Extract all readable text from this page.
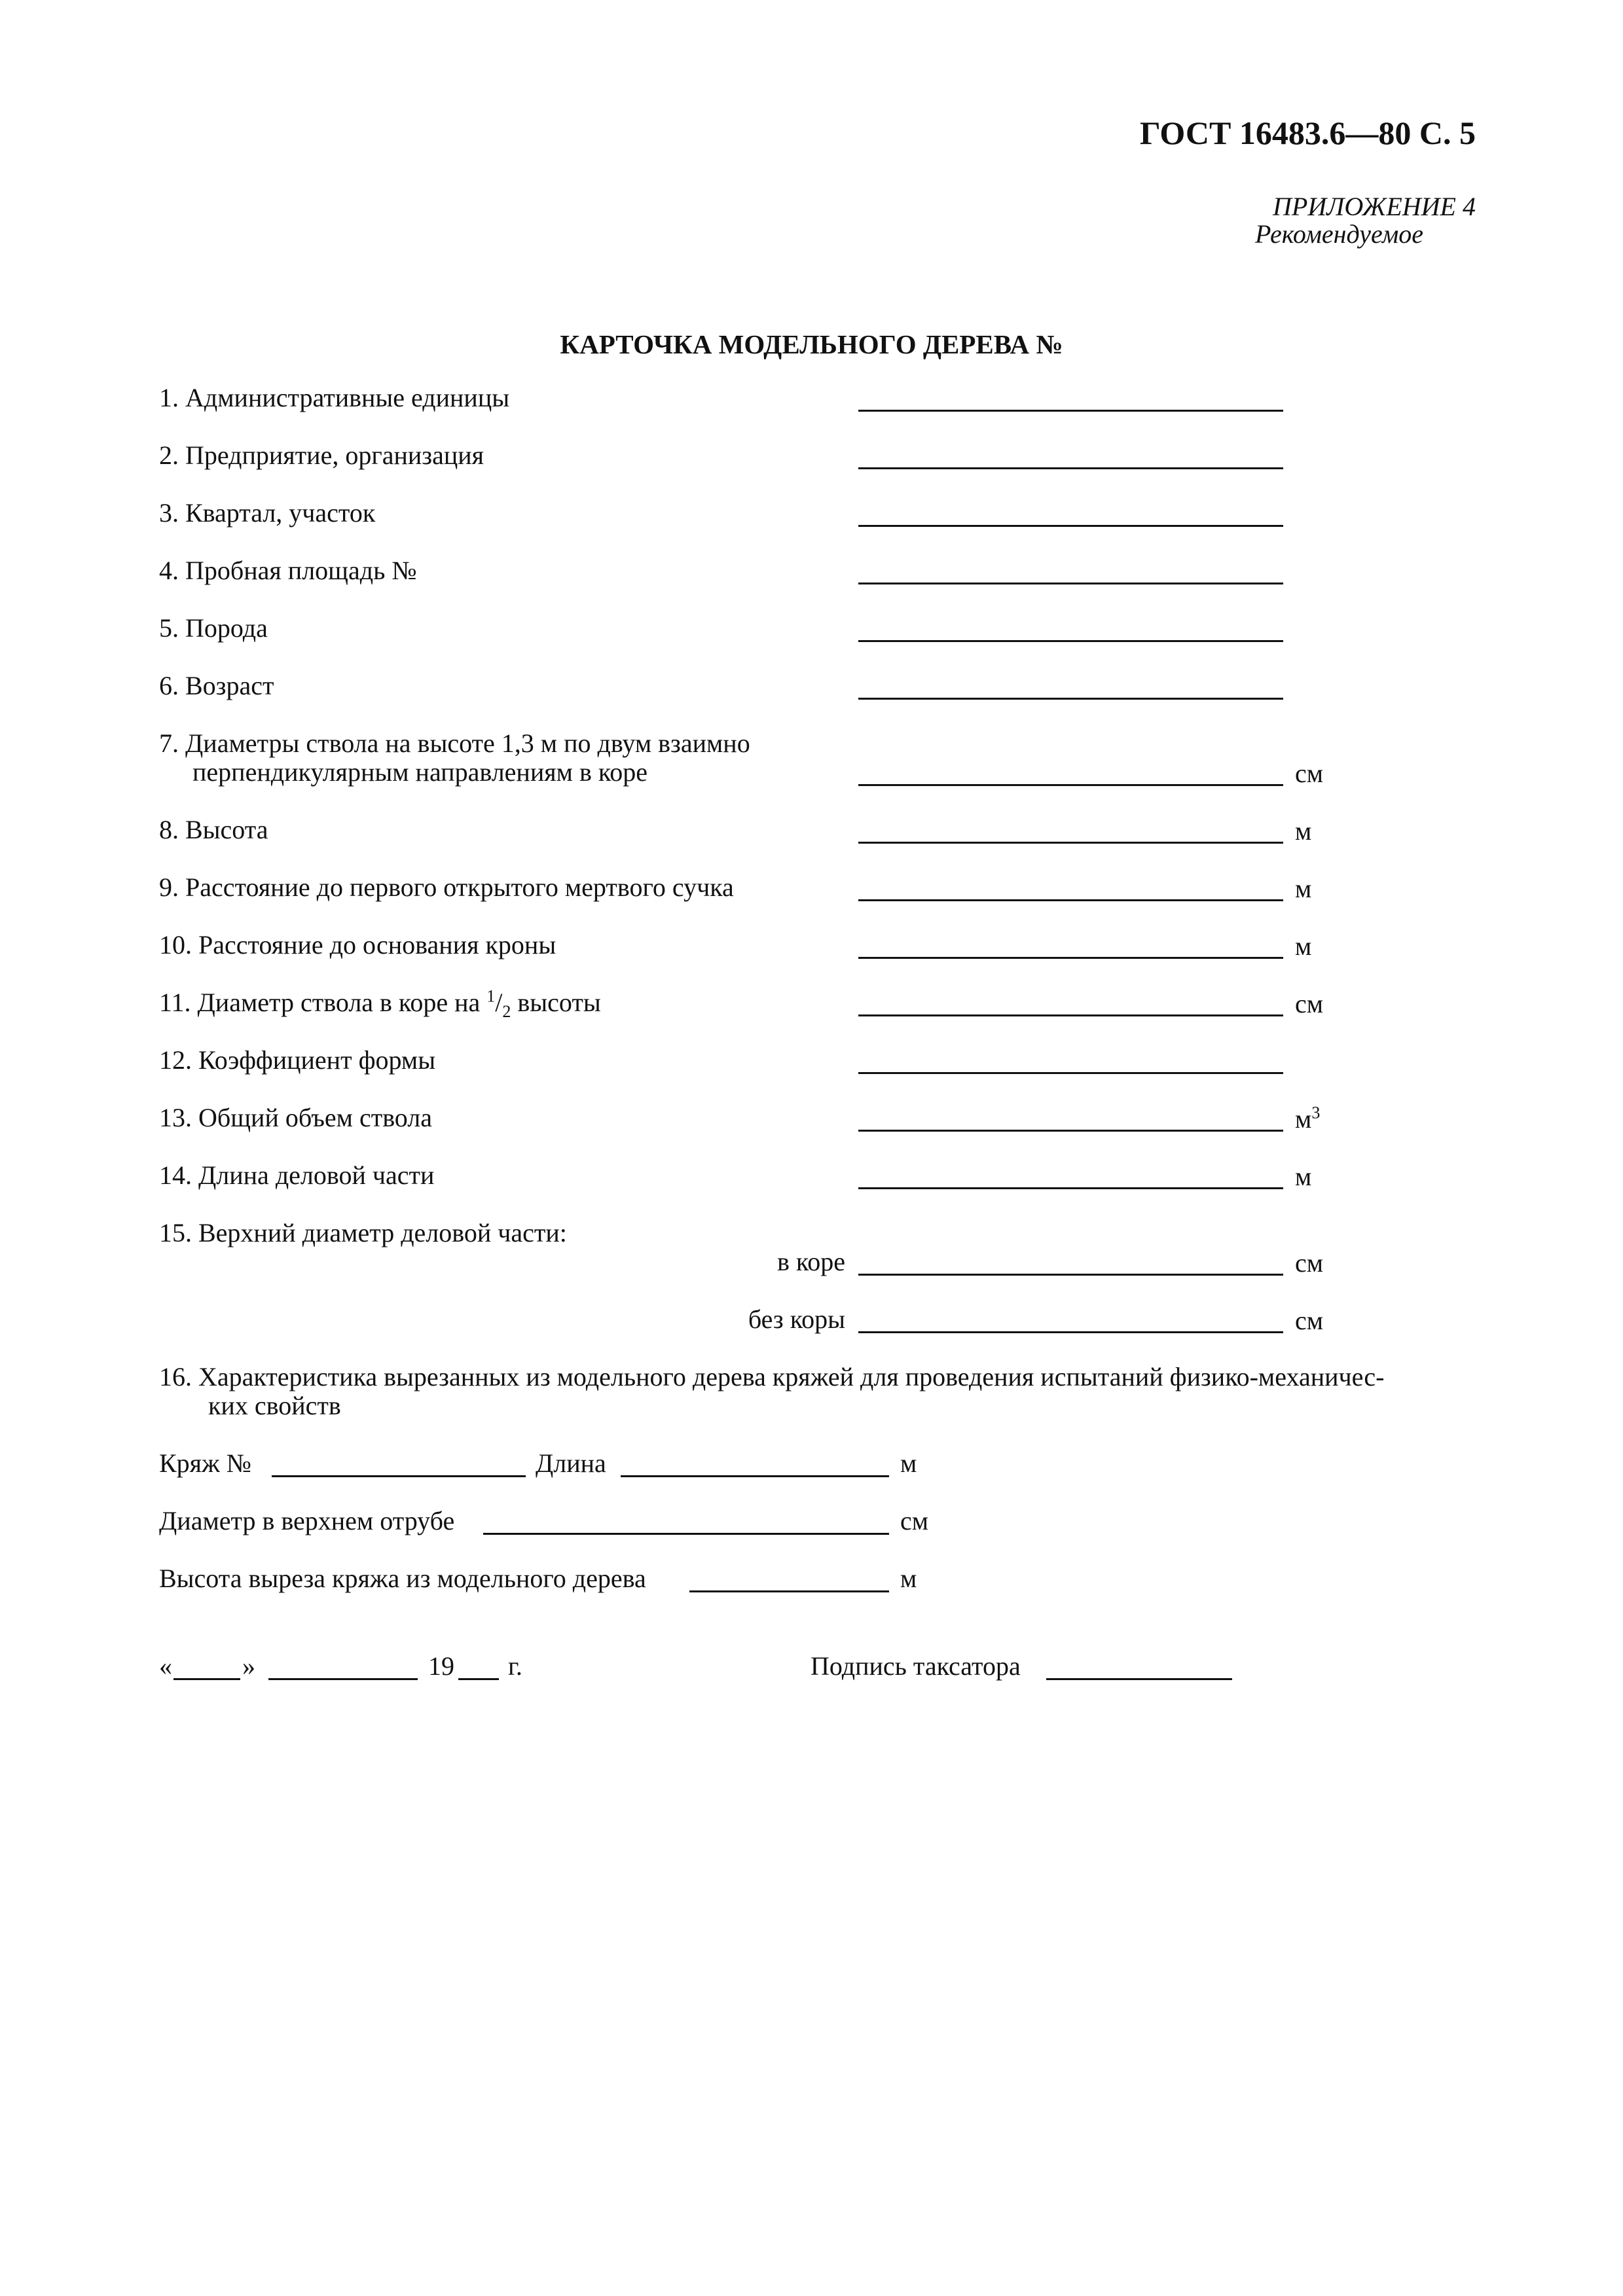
ГОСТ 16483.6—80 С. 5
ПРИЛОЖЕНИЕ 4
Рекомендуемое
КАРТОЧКА МОДЕЛЬНОГО ДЕРЕВА №
1. Административные единицы
2. Предприятие, организация
3. Квартал, участок
4. Пробная площадь №
5. Порода
6. Возраст
7. Диаметры ствола на высоте 1,3 м по двум взаимно
перпендикулярным направлениям в коре	см
8. Высота	м
9. Расстояние до первого открытого мертвого сучка	м
10. Расстояние до основания кроны	м
11. Диаметр ствола в коре на $^1/_2$ высоты	см
12. Коэффициент формы
13. Общий объем ствола	$м^3$
14. Длина деловой части	м
15. Верхний диаметр деловой части:
в коре	см
без коры	см
16. Характеристика вырезанных из модельного дерева кряжей для проведения испытаний физико-механичес-
ких свойств
Кряж №	Длина	м
Диаметр в верхнем отрубе	см
Высота выреза кряжа из модельного дерева	м
«	»	19 г.	Подпись таксатора
